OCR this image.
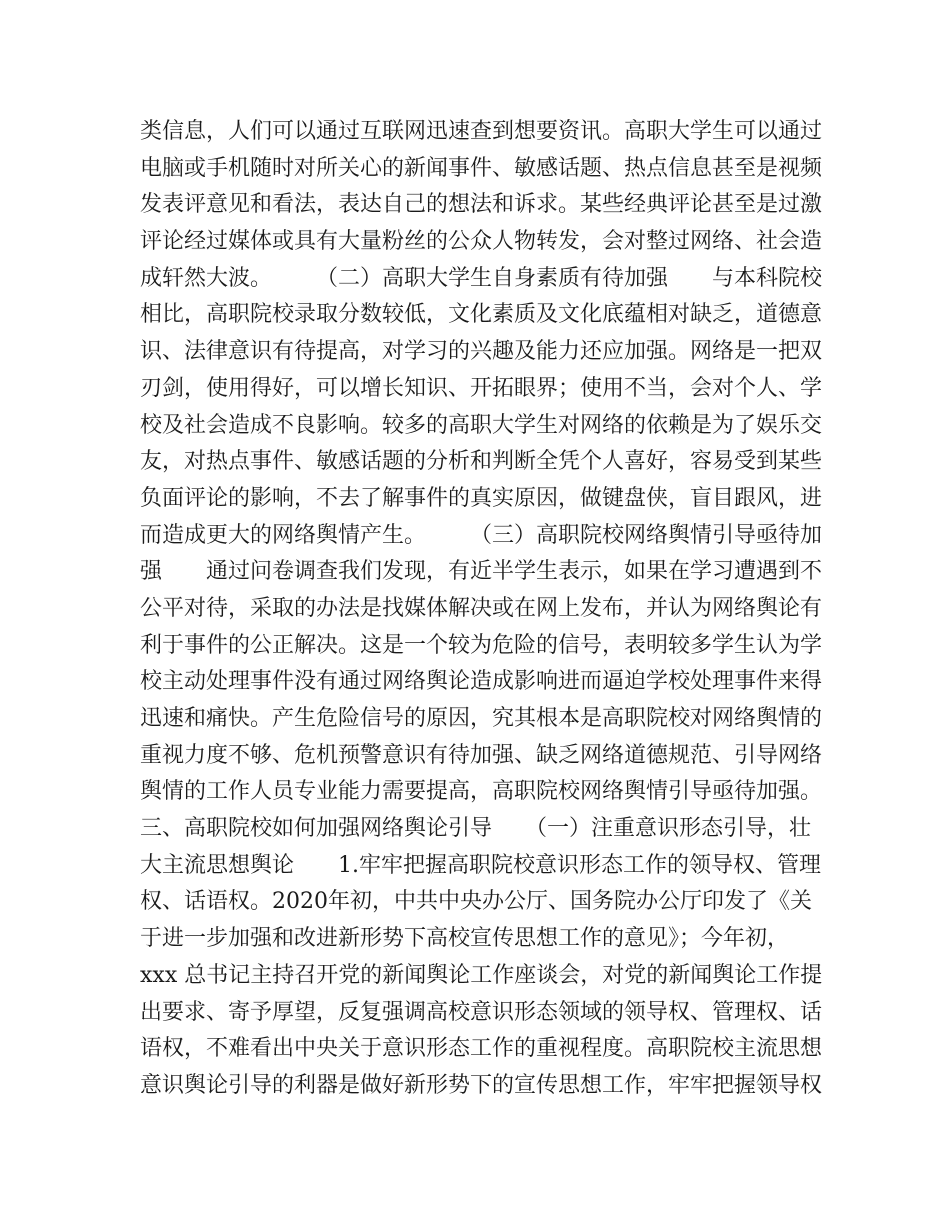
类信息，人们可以通过互联网迅速查到想要资讯。高职大学生可以通过
电脑或手机随时对所关心的新闻事件、敏感话题、热点信息甚至是视频
发表评意见和看法，表达自己的想法和诉求。某些经典评论甚至是过激
评论经过媒体或具有大量粉丝的公众人物转发，会对整过网络、社会造
成轩然大波。　　　（二）高职大学生自身素质有待加强　　与本科院校
相比，高职院校录取分数较低，文化素质及文化底蕴相对缺乏，道德意
识、法律意识有待提高，对学习的兴趣及能力还应加强。网络是一把双
刃剑，使用得好，可以增长知识、开拓眼界；使用不当，会对个人、学
校及社会造成不良影响。较多的高职大学生对网络的依赖是为了娱乐交
友，对热点事件、敏感话题的分析和判断全凭个人喜好，容易受到某些
负面评论的影响，不去了解事件的真实原因，做键盘侠，盲目跟风，进
而造成更大的网络舆情产生。　　　（三）高职院校网络舆情引导亟待加
强　　通过问卷调查我们发现，有近半学生表示，如果在学习遭遇到不
公平对待，采取的办法是找媒体解决或在网上发布，并认为网络舆论有
利于事件的公正解决。这是一个较为危险的信号，表明较多学生认为学
校主动处理事件没有通过网络舆论造成影响进而逼迫学校处理事件来得
迅速和痛快。产生危险信号的原因，究其根本是高职院校对网络舆情的
重视力度不够、危机预警意识有待加强、缺乏网络道德规范、引导网络
舆情的工作人员专业能力需要提高，高职院校网络舆情引导亟待加强。
三、高职院校如何加强网络舆论引导　　（一）注重意识形态引导，壮
大主流思想舆论　　1.牢牢把握高职院校意识形态工作的领导权、管理
权、话语权。2020年初，中共中央办公厅、国务院办公厅印发了《关
于进一步加强和改进新形势下高校宣传思想工作的意见》；今年初，
xxx 总书记主持召开党的新闻舆论工作座谈会，对党的新闻舆论工作提
出要求、寄予厚望，反复强调高校意识形态领域的领导权、管理权、话
语权，不难看出中央关于意识形态工作的重视程度。高职院校主流思想
意识舆论引导的利器是做好新形势下的宣传思想工作，牢牢把握领导权
